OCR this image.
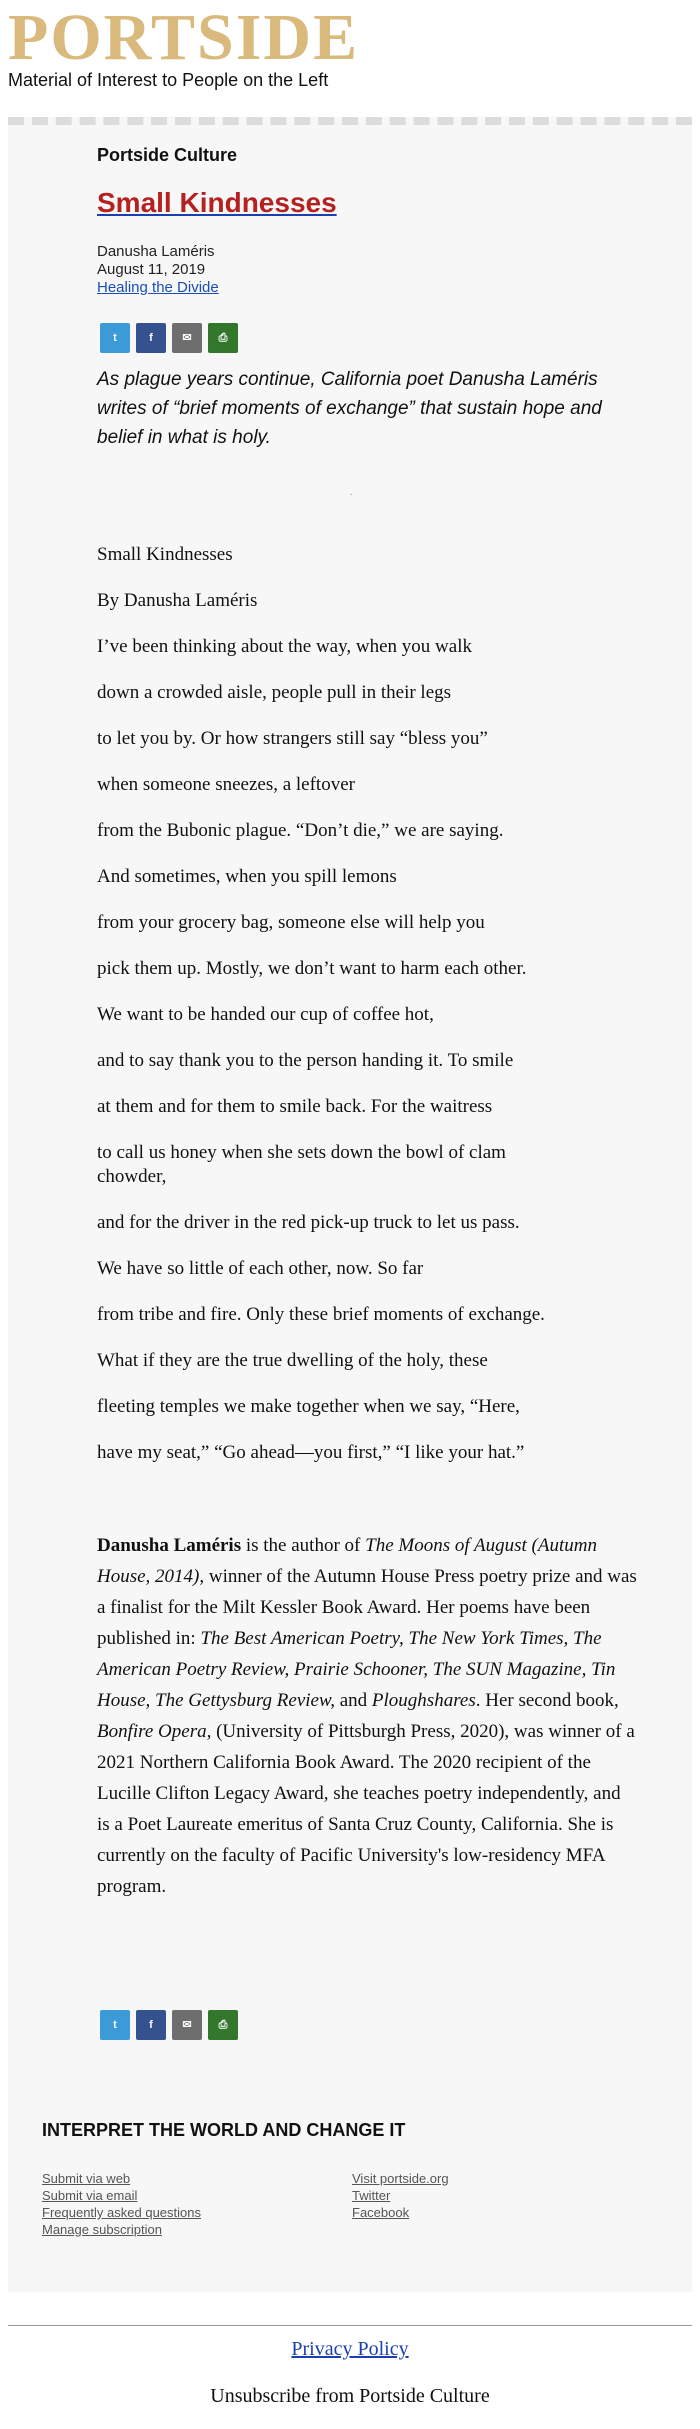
PORTSIDE
Material of Interest to People on the Left
Portside Culture
Small Kindnesses
Danusha Laméris
August 11, 2019
Healing the Divide
t	f	✉	⎙
As plague years continue, California poet Danusha Laméris writes of “brief moments of exchange” that sustain hope and belief in what is holy.
.

Small Kindnesses

By Danusha Laméris

I’ve been thinking about the way, when you walk

down a crowded aisle, people pull in their legs

to let you by. Or how strangers still say “bless you”

when someone sneezes, a leftover

from the Bubonic plague. “Don’t die,” we are saying.

And sometimes, when you spill lemons

from your grocery bag, someone else will help you

pick them up. Mostly, we don’t want to harm each other.

We want to be handed our cup of coffee hot,

and to say thank you to the person handing it. To smile

at them and for them to smile back. For the waitress

to call us honey when she sets down the bowl of clam chowder,

and for the driver in the red pick-up truck to let us pass.

We have so little of each other, now. So far

from tribe and fire. Only these brief moments of exchange.

What if they are the true dwelling of the holy, these

fleeting temples we make together when we say, “Here,

have my seat,” “Go ahead—you first,” “I like your hat.”

Danusha Laméris is the author of The Moons of August (Autumn House, 2014), winner of the Autumn House Press poetry prize and was a finalist for the Milt Kessler Book Award. Her poems have been published in: The Best American Poetry, The New York Times, The American Poetry Review, Prairie Schooner, The SUN Magazine, Tin House, The Gettysburg Review, and Ploughshares. Her second book, Bonfire Opera, (University of Pittsburgh Press, 2020), was winner of a 2021 Northern California Book Award. The 2020 recipient of the Lucille Clifton Legacy Award, she teaches poetry independently, and is a Poet Laureate emeritus of Santa Cruz County, California. She is currently on the faculty of Pacific University's low-residency MFA program.
t	f	✉	⎙
INTERPRET THE WORLD AND CHANGE IT
Submit via web
Submit via email
Frequently asked questions
Manage subscription
Visit portside.org
Twitter
Facebook
Privacy Policy
Unsubscribe from Portside Culture
